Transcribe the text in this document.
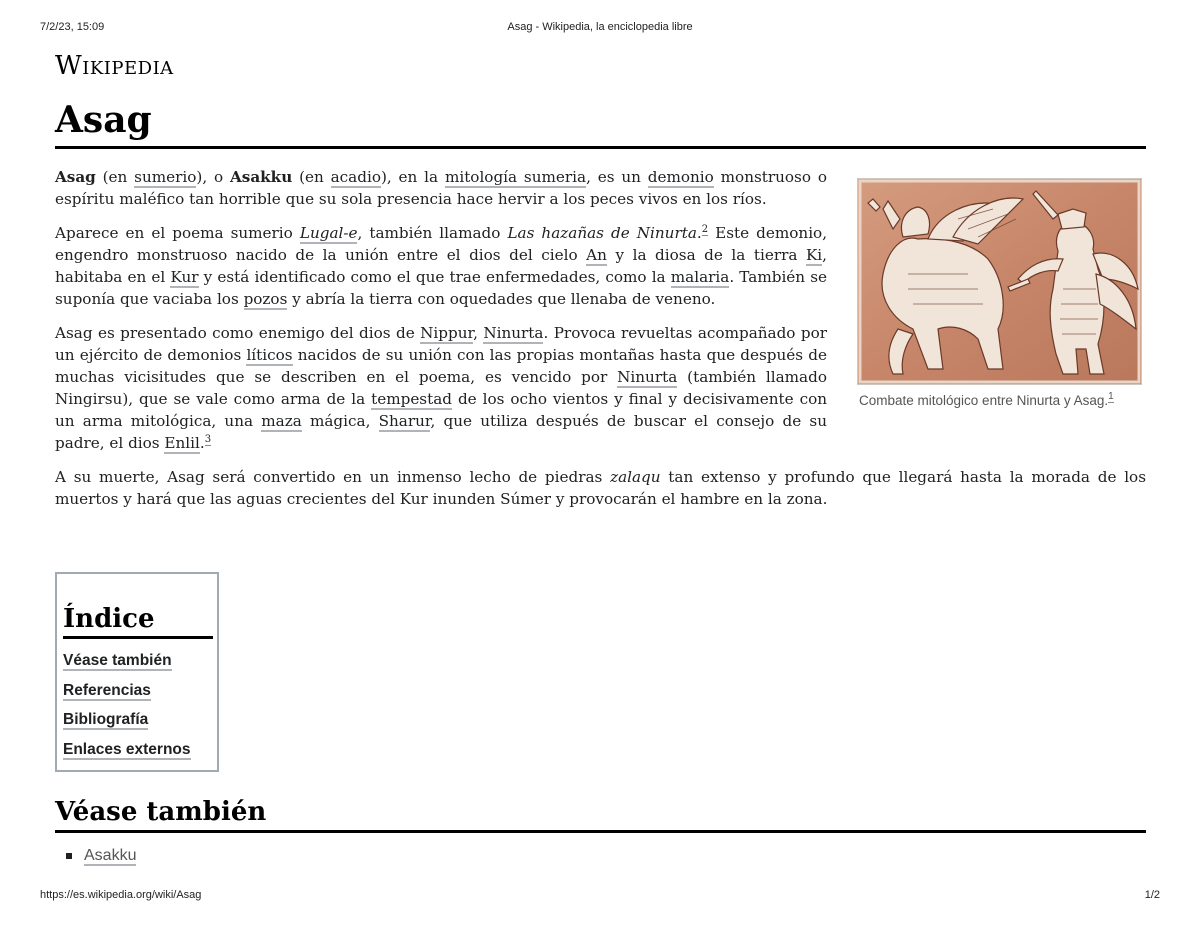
7/2/23, 15:09	Asag - Wikipedia, la enciclopedia libre
Wikipedia
Asag

Asag (en sumerio), o Asakku (en acadio), en la mitología sumeria, es un demonio monstruoso o espíritu maléfico tan horrible que su sola presencia hace hervir a los peces vivos en los ríos.

Aparece en el poema sumerio Lugal-e, también llamado Las hazañas de Ninurta.$^2$ Este demonio, engendro monstruoso nacido de la unión entre el dios del cielo An y la diosa de la tierra Ki, habitaba en el Kur y está identificado como el que trae enfermedades, como la malaria. También se suponía que vaciaba los pozos y abría la tierra con oquedades que llenaba de veneno.

Asag es presentado como enemigo del dios de Nippur, Ninurta. Provoca revueltas acompañado por un ejército de demonios líticos nacidos de su unión con las propias montañas hasta que después de muchas vicisitudes que se describen en el poema, es vencido por Ninurta (también llamado Ningirsu), que se vale como arma de la tempestad de los ocho vientos y final y decisivamente con un arma mitológica, una maza mágica, Sharur, que utiliza después de buscar el consejo de su padre, el dios Enlil.$^3$

A su muerte, Asag será convertido en un inmenso lecho de piedras zalaqu tan extenso y profundo que llegará hasta la morada de los muertos y hará que las aguas crecientes del Kur inunden Súmer y provocarán el hambre en la zona.

Combate mitológico entre Ninurta y Asag.$^1$
Índice
Véase también
Referencias
Bibliografía
Enlaces externos
Véase también
Asakku
https://es.wikipedia.org/wiki/Asag	1/2
